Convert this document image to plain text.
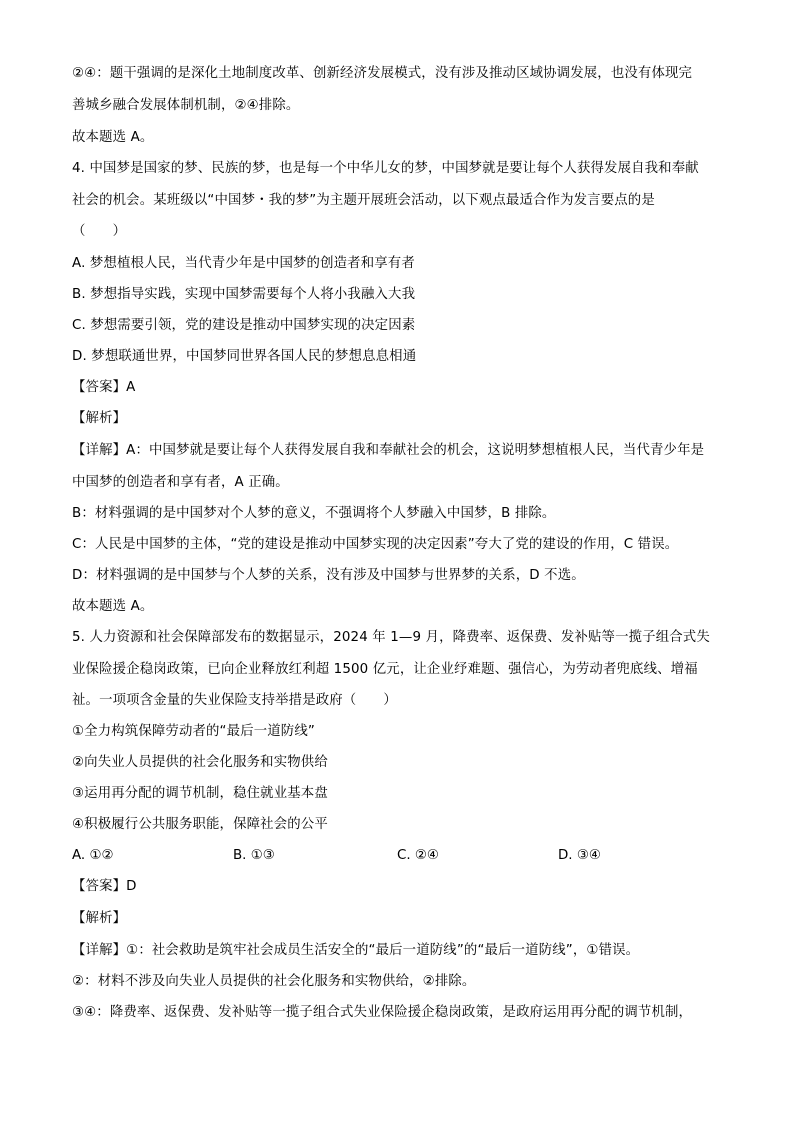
②④：题干强调的是深化土地制度改革、创新经济发展模式，没有涉及推动区域协调发展，也没有体现完
善城乡融合发展体制机制，②④排除。
故本题选 A。
4. 中国梦是国家的梦、民族的梦，也是每一个中华儿女的梦，中国梦就是要让每个人获得发展自我和奉献
社会的机会。某班级以“中国梦・我的梦”为主题开展班会活动，以下观点最适合作为发言要点的是
（　　）
A. 梦想植根人民，当代青少年是中国梦的创造者和享有者
B. 梦想指导实践，实现中国梦需要每个人将小我融入大我
C. 梦想需要引领，党的建设是推动中国梦实现的决定因素
D. 梦想联通世界，中国梦同世界各国人民的梦想息息相通
【答案】A
【解析】
【详解】A：中国梦就是要让每个人获得发展自我和奉献社会的机会，这说明梦想植根人民，当代青少年是
中国梦的创造者和享有者，A 正确。
B：材料强调的是中国梦对个人梦的意义，不强调将个人梦融入中国梦，B 排除。
C：人民是中国梦的主体，“党的建设是推动中国梦实现的决定因素”夸大了党的建设的作用，C 错误。
D：材料强调的是中国梦与个人梦的关系，没有涉及中国梦与世界梦的关系，D 不选。
故本题选 A。
5. 人力资源和社会保障部发布的数据显示，2024 年 1—9 月，降费率、返保费、发补贴等一揽子组合式失
业保险援企稳岗政策，已向企业释放红利超 1500 亿元，让企业纾难题、强信心，为劳动者兜底线、增福
祉。一项项含金量的失业保险支持举措是政府（　　）
①全力构筑保障劳动者的“最后一道防线”
②向失业人员提供的社会化服务和实物供给
③运用再分配的调节机制，稳住就业基本盘
④积极履行公共服务职能，保障社会的公平
A. ①②	B. ①③	C. ②④	D. ③④
【答案】D
【解析】
【详解】①：社会救助是筑牢社会成员生活安全的“最后一道防线”的“最后一道防线”，①错误。
②：材料不涉及向失业人员提供的社会化服务和实物供给，②排除。
③④：降费率、返保费、发补贴等一揽子组合式失业保险援企稳岗政策，是政府运用再分配的调节机制，
